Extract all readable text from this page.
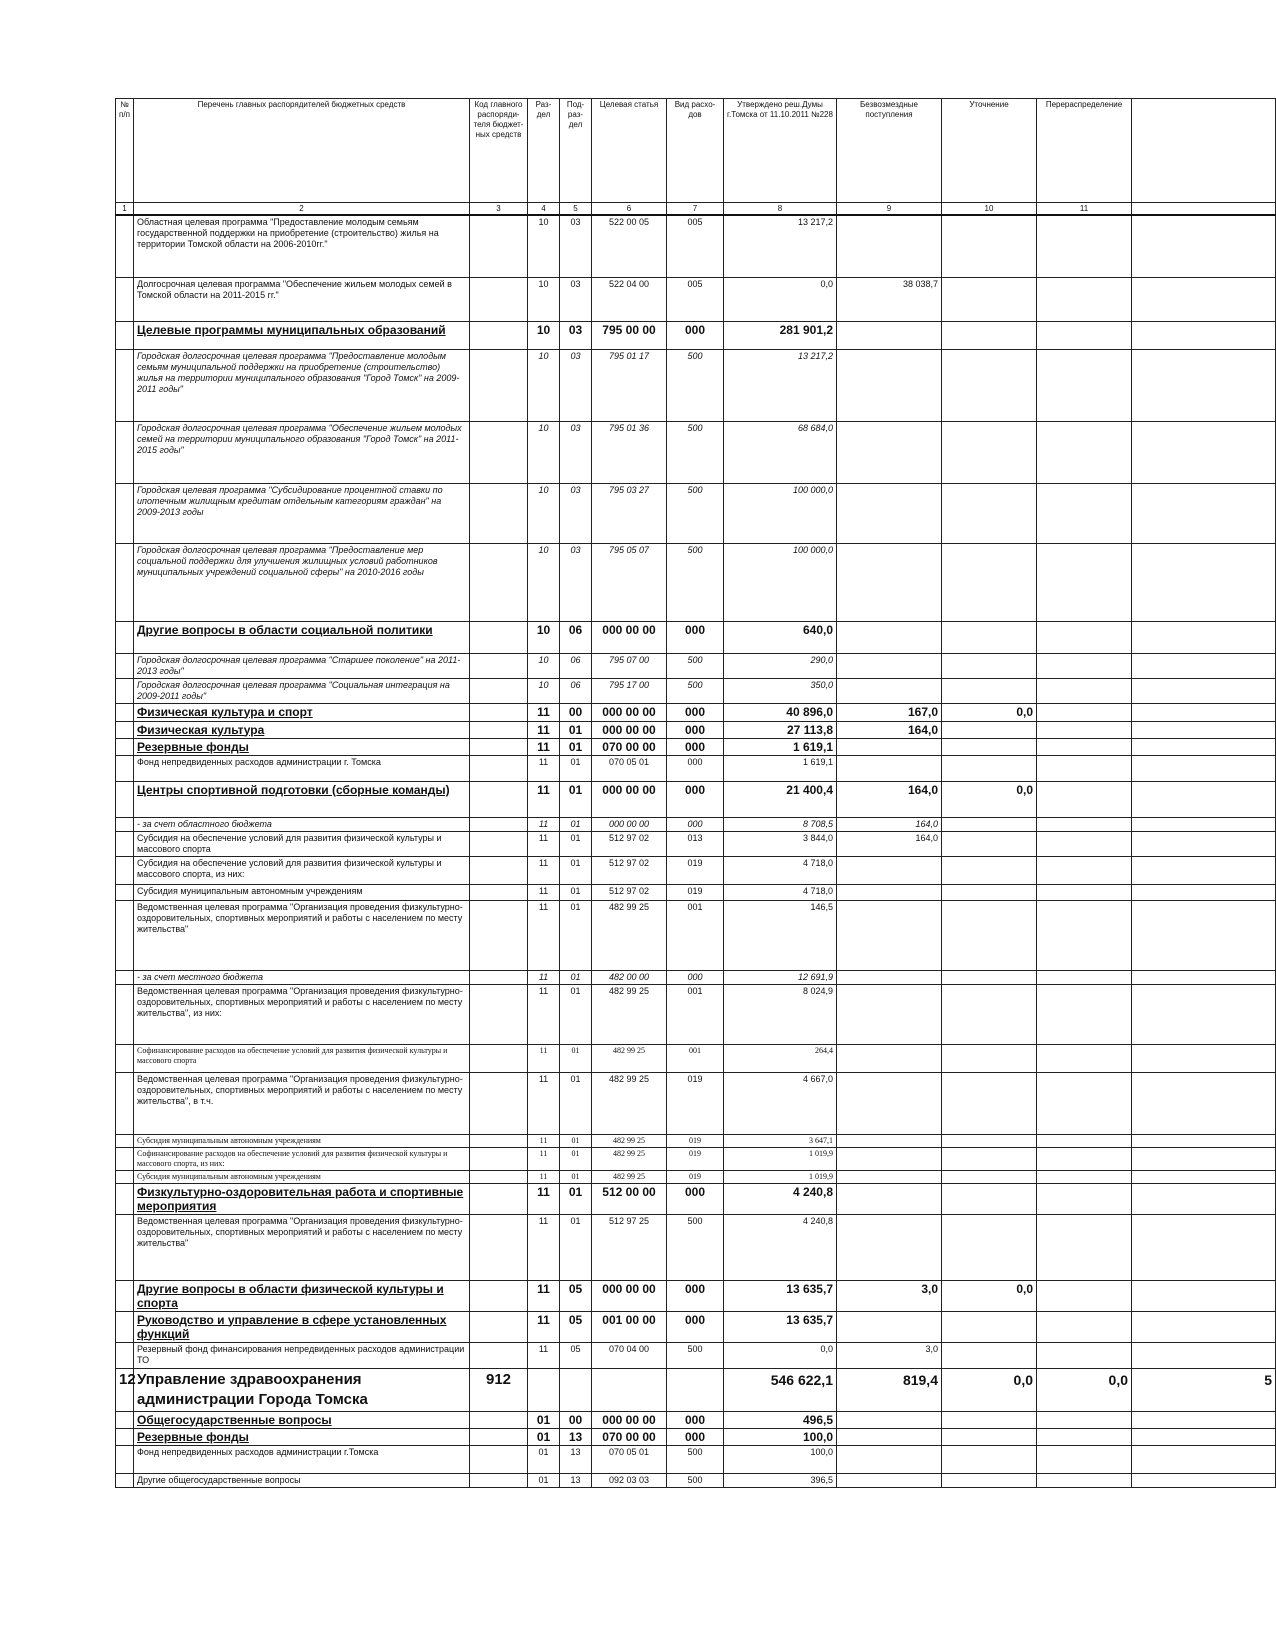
№ п/п	Перечень главных распорядителей бюджетных средств	Код главного распоряди-теля бюджет-ных средств	Раз-дел	Под-раз-дел	Целевая статья	Вид расхо-дов	Утверждено реш.Думы г.Томска от 11.10.2011 №228	Безвозмездные поступления	Уточнение	Перераспределение	
1	2	3	4	5	6	7	8	9	10	11	
	Областная целевая программа "Предоставление молодым семьям государственной поддержки на приобретение (строительство) жилья на территории Томской области на 2006-2010гг."		10	03	522 00 05	005	13 217,2				
	Долгосрочная целевая программа "Обеспечение жильем молодых семей в Томской области на 2011-2015 гг."		10	03	522 04 00	005	0,0	38 038,7			
	Целевые программы муниципальных образований		10	03	795 00 00	000	281 901,2				
	Городская долгосрочная целевая программа "Предоставление молодым семьям муниципальной поддержки на приобретение (строительство) жилья на территории муниципального образования "Город Томск" на 2009-2011 годы"		10	03	795 01 17	500	13 217,2				
	Городская долгосрочная целевая программа "Обеспечение жильем молодых семей на территории муниципального образования "Город Томск" на 2011-2015 годы"		10	03	795 01 36	500	68 684,0				
	Городская целевая программа "Субсидирование процентной ставки по ипотечным жилищным кредитам отдельным категориям граждан" на 2009-2013 годы		10	03	795 03 27	500	100 000,0				
	Городская долгосрочная целевая программа "Предоставление мер социальной поддержки для улучшения жилищных условий работников муниципальных учреждений социальной сферы" на 2010-2016 годы		10	03	795 05 07	500	100 000,0				
	Другие вопросы в области социальной политики		10	06	000 00 00	000	640,0				
	Городская долгосрочная целевая программа "Старшее поколение" на 2011-2013 годы"		10	06	795 07 00	500	290,0				
	Городская долгосрочная целевая программа "Социальная интеграция на 2009-2011 годы"		10	06	795 17 00	500	350,0				
	Физическая культура и спорт		11	00	000 00 00	000	40 896,0	167,0	0,0		
	Физическая культура		11	01	000 00 00	000	27 113,8	164,0			
	Резервные фонды		11	01	070 00 00	000	1 619,1				
	Фонд непредвиденных расходов администрации г. Томска		11	01	070 05 01	000	1 619,1				
	Центры спортивной подготовки (сборные команды)		11	01	000 00 00	000	21 400,4	164,0	0,0		
	- за счет областного бюджета		11	01	000 00 00	000	8 708,5	164,0			
	Субсидия на обеспечение условий для развития физической культуры и массового спорта		11	01	512 97 02	013	3 844,0	164,0			
	Субсидия на обеспечение условий для развития физической культуры и массового спорта, из них:		11	01	512 97 02	019	4 718,0				
	Субсидия муниципальным автономным учреждениям		11	01	512 97 02	019	4 718,0				
	Ведомственная целевая программа "Организация проведения физкультурно-оздоровительных, спортивных мероприятий и работы с населением по месту жительства"		11	01	482 99 25	001	146,5				
	- за счет местного бюджета		11	01	482 00 00	000	12 691,9				
	Ведомственная целевая программа "Организация проведения физкультурно-оздоровительных, спортивных мероприятий и работы с населением по месту жительства", из них:		11	01	482 99 25	001	8 024,9				
	Софинансирование расходов на обеспечение условий для развития физической культуры и массового спорта		11	01	482 99 25	001	264,4				
	Ведомственная целевая программа "Организация проведения физкультурно-оздоровительных, спортивных мероприятий и работы с населением по месту жительства", в т.ч.		11	01	482 99 25	019	4 667,0				
	Субсидия муниципальным автономным учреждениям		11	01	482 99 25	019	3 647,1				
	Софинансирование расходов на обеспечение условий для развития физической культуры и массового спорта, из них:		11	01	482 99 25	019	1 019,9				
	Субсидия муниципальным автономным учреждениям		11	01	482 99 25	019	1 019,9				
	Физкультурно-оздоровительная работа и спортивные мероприятия		11	01	512 00 00	000	4 240,8				
	Ведомственная целевая программа "Организация проведения физкультурно-оздоровительных, спортивных мероприятий и работы с населением по месту жительства"		11	01	512 97 25	500	4 240,8				
	Другие вопросы в области физической культуры и спорта		11	05	000 00 00	000	13 635,7	3,0	0,0		
	Руководство и управление в сфере установленных функций		11	05	001 00 00	000	13 635,7				
	Резервный фонд финансирования непредвиденных расходов администрации ТО		11	05	070 04 00	500	0,0	3,0			
12	Управление здравоохранения администрации Города Томска	912					546 622,1	819,4	0,0	0,0	5
	Общегосударственные вопросы		01	00	000 00 00	000	496,5				
	Резервные фонды		01	13	070 00 00	000	100,0				
	Фонд непредвиденных расходов администрации г.Томска		01	13	070 05 01	500	100,0				
	Другие общегосударственные вопросы		01	13	092 03 03	500	396,5				
